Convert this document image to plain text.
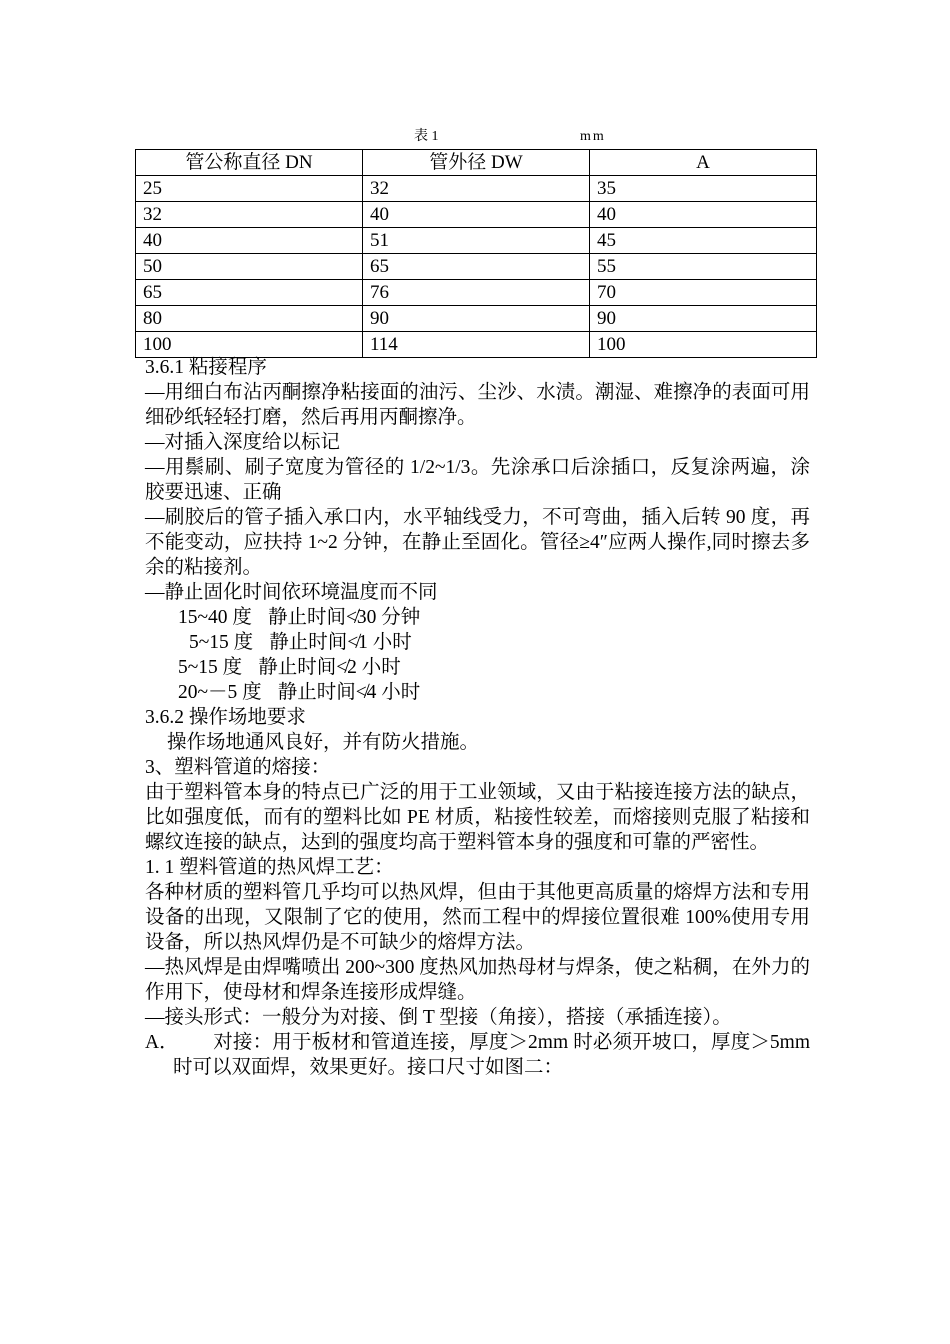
表 1	mm
管公称直径 DN	管外径 DW	A
25	32	35
32	40	40
40	51	45
50	65	55
65	76	70
80	90	90
100	114	100

3.6.1 粘接程序

—用细白布沾丙酮擦净粘接面的油污、尘沙、水渍。潮湿、难擦净的表面可用细砂纸轻轻打磨，然后再用丙酮擦净。

—对插入深度给以标记

—用鬃刷、刷子宽度为管径的 1/2~1/3。先涂承口后涂插口，反复涂两遍，涂胶要迅速、正确

—刷胶后的管子插入承口内，水平轴线受力，不可弯曲，插入后转 90 度，再不能变动，应扶持 1~2 分钟，在静止至固化。管径≥4″应两人操作,同时擦去多余的粘接剂。

—静止固化时间依环境温度而不同

15~40 度 静止时间≮30 分钟

5~15 度 静止时间≮1 小时

5~15 度 静止时间≮2 小时

20~－5 度 静止时间≮4 小时

3.6.2 操作场地要求

操作场地通风良好，并有防火措施。

3、塑料管道的熔接：

由于塑料管本身的特点已广泛的用于工业领域，又由于粘接连接方法的缺点，比如强度低，而有的塑料比如 PE 材质，粘接性较差，而熔接则克服了粘接和螺纹连接的缺点，达到的强度均高于塑料管本身的强度和可靠的严密性。

1. 1 塑料管道的热风焊工艺：

各种材质的塑料管几乎均可以热风焊，但由于其他更高质量的熔焊方法和专用设备的出现，又限制了它的使用，然而工程中的焊接位置很难 100%使用专用设备，所以热风焊仍是不可缺少的熔焊方法。

—热风焊是由焊嘴喷出 200~300 度热风加热母材与焊条，使之粘稠，在外力的作用下，使母材和焊条连接形成焊缝。

—接头形式：一般分为对接、倒 T 型接（角接），搭接（承插连接）。

A． 对接：用于板材和管道连接，厚度＞2mm 时必须开坡口，厚度＞5mm 时可以双面焊，效果更好。接口尺寸如图二：
